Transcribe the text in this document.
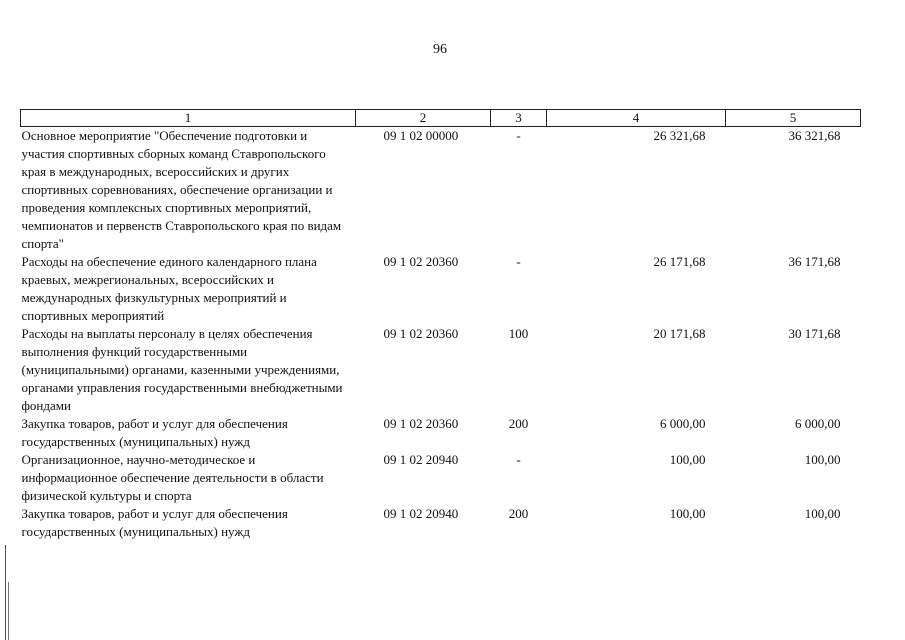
96
1	2	3	4	5
Основное мероприятие "Обеспечение подготовки и участия спортивных сборных команд Ставропольского края в международных, всероссийских и других спортивных соревнованиях, обеспечение организации и проведения комплексных спортивных мероприятий, чемпионатов и первенств Ставропольского края по видам спорта"	09 1 02 00000	-	26 321,68	36 321,68
Расходы на обеспечение единого календарного плана краевых, межрегиональных, всероссийских и международных физкультурных мероприятий и спортивных мероприятий	09 1 02 20360	-	26 171,68	36 171,68
Расходы на выплаты персоналу в целях обеспечения выполнения функций государственными (муниципальными) органами, казенными учреждениями, органами управления государственными внебюджетными фондами	09 1 02 20360	100	20 171,68	30 171,68
Закупка товаров, работ и услуг для обеспечения государственных (муниципальных) нужд	09 1 02 20360	200	6 000,00	6 000,00
Организационное, научно-методическое и информационное обеспечение деятельности в области физической культуры и спорта	09 1 02 20940	-	100,00	100,00
Закупка товаров, работ и услуг для обеспечения государственных (муниципальных) нужд	09 1 02 20940	200	100,00	100,00
